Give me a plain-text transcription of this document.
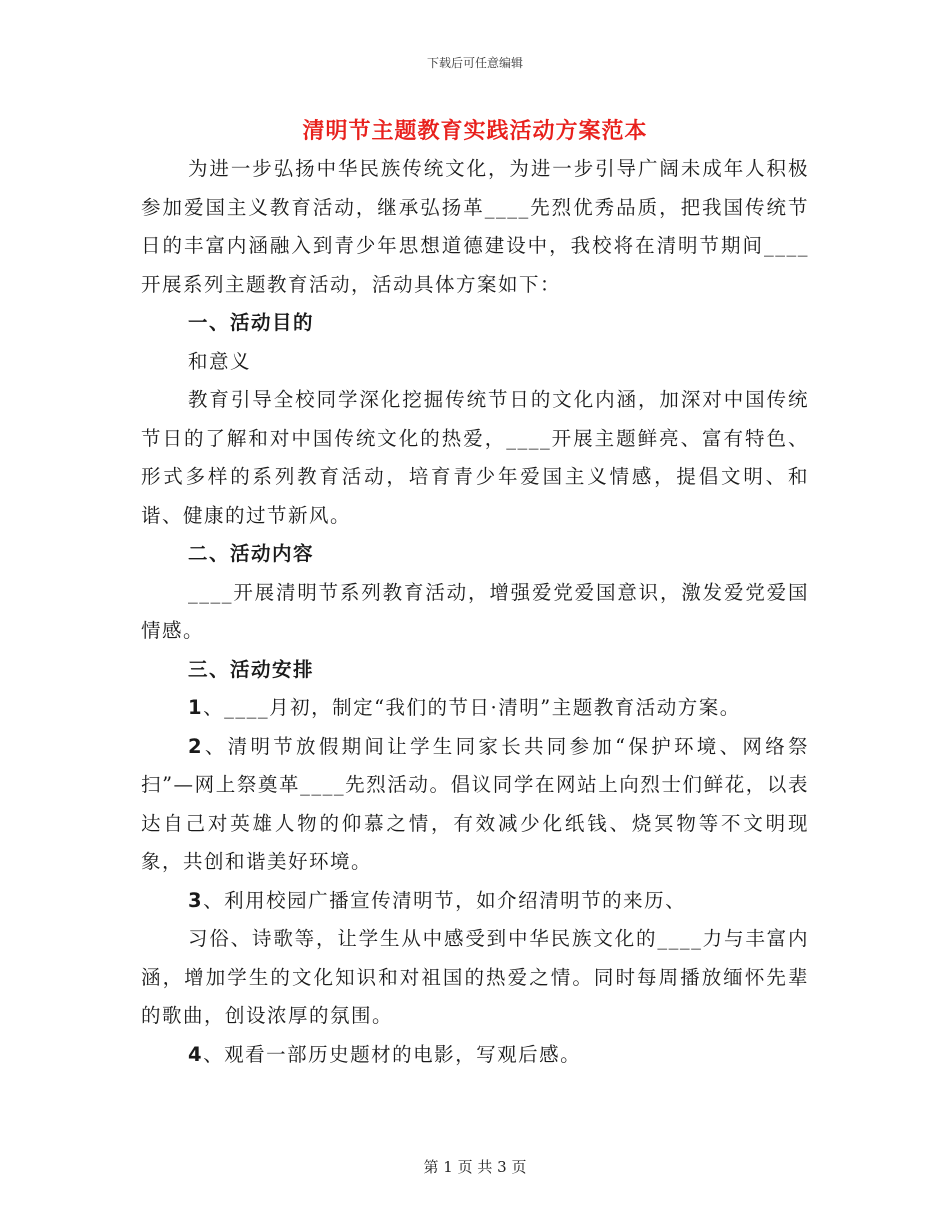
下载后可任意编辑
清明节主题教育实践活动方案范本

为进一步弘扬中华民族传统文化，为进一步引导广阔未成年人积极参加爱国主义教育活动，继承弘扬革____先烈优秀品质，把我国传统节日的丰富内涵融入到青少年思想道德建设中，我校将在清明节期间____开展系列主题教育活动，活动具体方案如下：

一、活动目的

和意义

教育引导全校同学深化挖掘传统节日的文化内涵，加深对中国传统节日的了解和对中国传统文化的热爱，____开展主题鲜亮、富有特色、形式多样的系列教育活动，培育青少年爱国主义情感，提倡文明、和谐、健康的过节新风。

二、活动内容

____开展清明节系列教育活动，增强爱党爱国意识，激发爱党爱国情感。

三、活动安排

1、____月初，制定“我们的节日·清明”主题教育活动方案。

2、清明节放假期间让学生同家长共同参加“保护环境、网络祭扫”—网上祭奠革____先烈活动。倡议同学在网站上向烈士们鲜花，以表达自己对英雄人物的仰慕之情，有效减少化纸钱、烧冥物等不文明现象，共创和谐美好环境。

3、利用校园广播宣传清明节，如介绍清明节的来历、

习俗、诗歌等，让学生从中感受到中华民族文化的____力与丰富内涵，增加学生的文化知识和对祖国的热爱之情。同时每周播放缅怀先辈的歌曲，创设浓厚的氛围。

4、观看一部历史题材的电影，写观后感。

第 1 页 共 3 页
